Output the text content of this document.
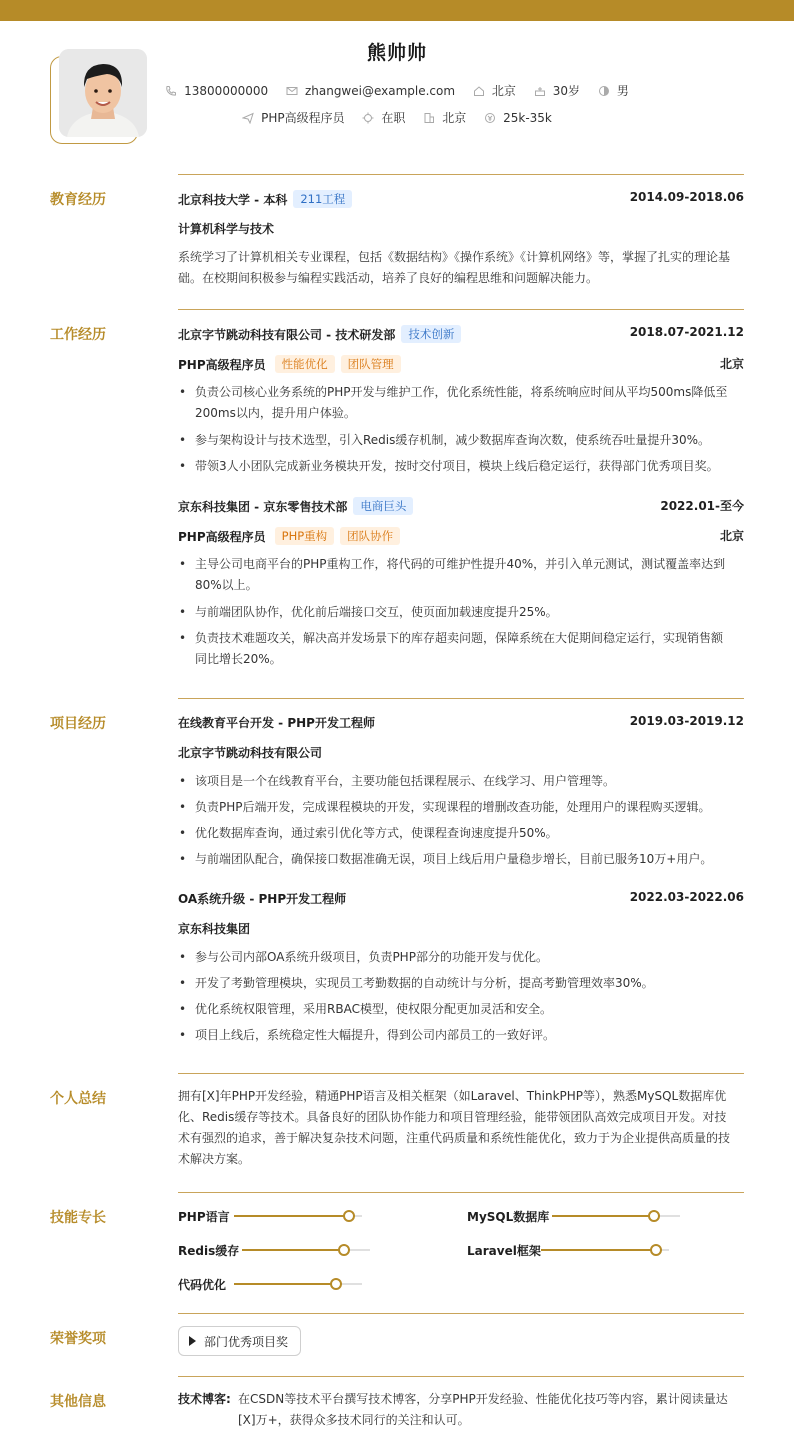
熊帅帅
13800000000
	zhangwei@example.com
	北京
	30岁
	男
PHP高级程序员
	在职
	北京
	25k-35k
教育经历	北京科技大学 - 本科 211工程	2014.09-2018.06
计算机科学与技术
系统学习了计算机相关专业课程，包括《数据结构》《操作系统》《计算机网络》等，掌握了扎实的理论基础。在校期间积极参与编程实践活动，培养了良好的编程思维和问题解决能力。
工作经历	北京字节跳动科技有限公司 - 技术研发部 技术创新	2018.07-2021.12
PHP高级程序员 性能优化 团队管理	北京
• 负责公司核心业务系统的PHP开发与维护工作，优化系统性能，将系统响应时间从平均500ms降低至200ms以内，提升用户体验。
• 参与架构设计与技术选型，引入Redis缓存机制，减少数据库查询次数，使系统吞吐量提升30%。
• 带领3人小团队完成新业务模块开发，按时交付项目，模块上线后稳定运行，获得部门优秀项目奖。
京东科技集团 - 京东零售技术部 电商巨头	2022.01-至今
PHP高级程序员 PHP重构 团队协作	北京
• 主导公司电商平台的PHP重构工作，将代码的可维护性提升40%，并引入单元测试，测试覆盖率达到80%以上。
• 与前端团队协作，优化前后端接口交互，使页面加载速度提升25%。
• 负责技术难题攻关，解决高并发场景下的库存超卖问题，保障系统在大促期间稳定运行，实现销售额同比增长20%。
项目经历	在线教育平台开发 - PHP开发工程师	2019.03-2019.12
北京字节跳动科技有限公司
• 该项目是一个在线教育平台，主要功能包括课程展示、在线学习、用户管理等。
• 负责PHP后端开发，完成课程模块的开发，实现课程的增删改查功能，处理用户的课程购买逻辑。
• 优化数据库查询，通过索引优化等方式，使课程查询速度提升50%。
• 与前端团队配合，确保接口数据准确无误，项目上线后用户量稳步增长，目前已服务10万+用户。
OA系统升级 - PHP开发工程师	2022.03-2022.06
京东科技集团
• 参与公司内部OA系统升级项目，负责PHP部分的功能开发与优化。
• 开发了考勤管理模块，实现员工考勤数据的自动统计与分析，提高考勤管理效率30%。
• 优化系统权限管理，采用RBAC模型，使权限分配更加灵活和安全。
• 项目上线后，系统稳定性大幅提升，得到公司内部员工的一致好评。
个人总结	拥有[X]年PHP开发经验，精通PHP语言及相关框架（如Laravel、ThinkPHP等），熟悉MySQL数据库优化、Redis缓存等技术。具备良好的团队协作能力和项目管理经验，能带领团队高效完成项目开发。对技术有强烈的追求，善于解决复杂技术问题，注重代码质量和系统性能优化，致力于为企业提供高质量的技术解决方案。
技能专长	PHP语言	MySQL数据库
Redis缓存	Laravel框架
代码优化
荣誉奖项	部门优秀项目奖
其他信息	技术博客: 在CSDN等技术平台撰写技术博客，分享PHP开发经验、性能优化技巧等内容，累计阅读量达[X]万+，获得众多技术同行的关注和认可。
